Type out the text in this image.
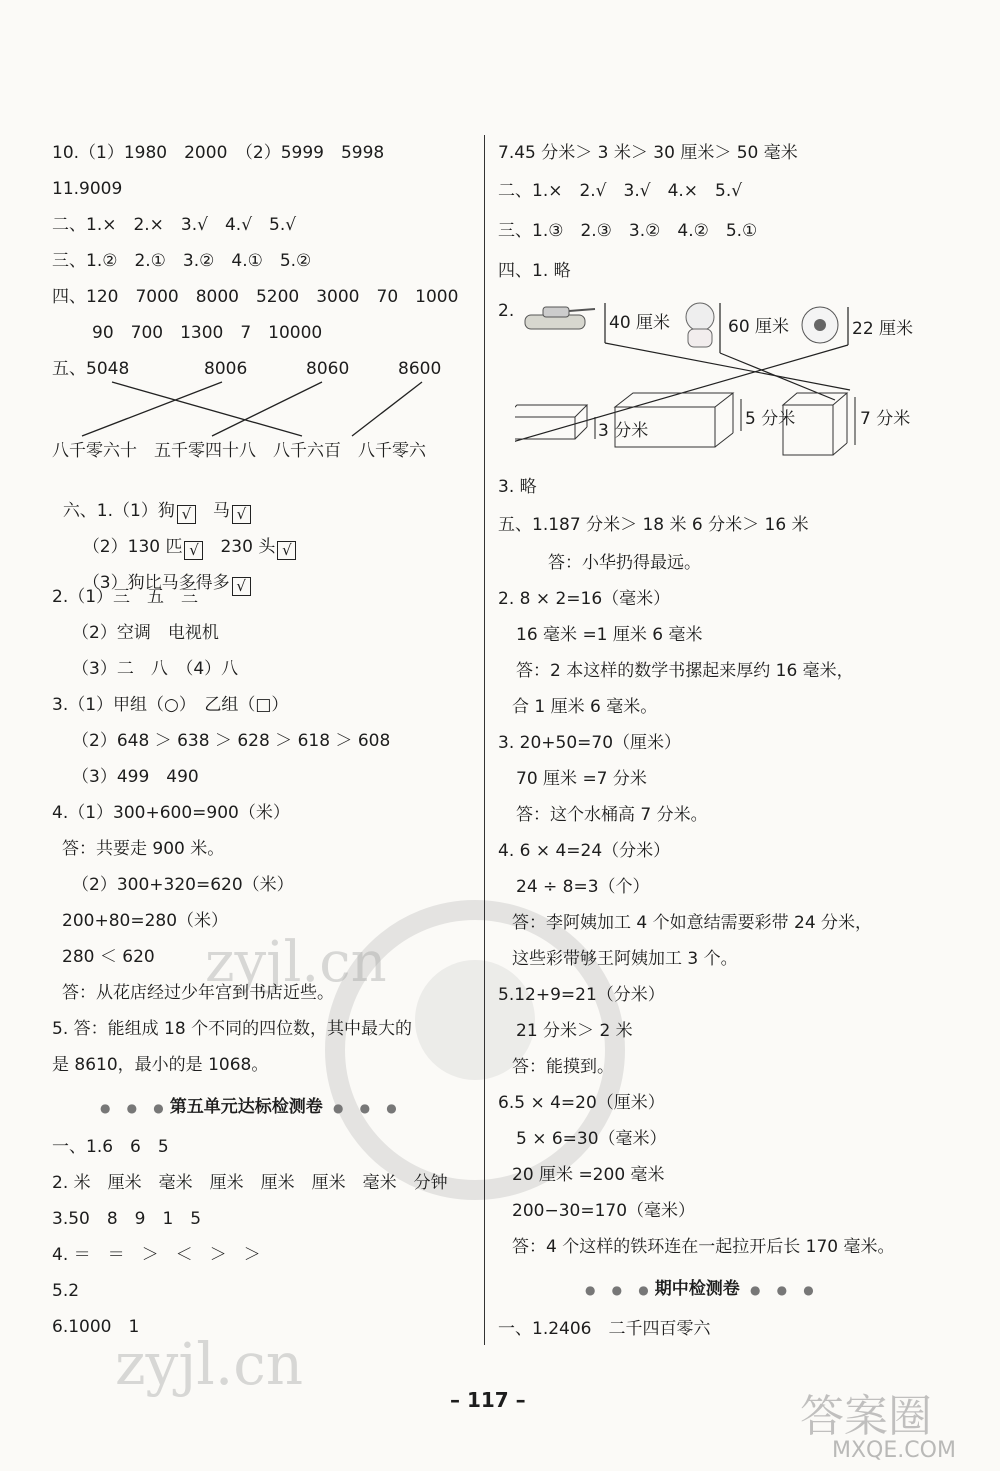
zyjl.cn
zyjl.cn
答案圈
MXQE.COM
10.（1）1980　2000　（2）5999　5998
11.9009
二、1.×　2.×　3.√　4.√　5.√
三、1.②　2.①　3.②　4.①　5.②
四、120　7000　8000　5200　3000　70　1000
90　700　1300　7　10000
五、5048	8006	8060	8600
八千零六十　五千零四十八　八千六百　八千零六

六、1.（1）狗 √　 马 √

（2）130 匹 √　 230 头 √

（3）狗比马多得多 √

2.（1）三　五　三
（2）空调　电视机
（3）二　八　（4）八
3.（1）甲组（○）　乙组（□）
（2）648 ＞ 638 ＞ 628 ＞ 618 ＞ 608
（3）499　490
4.（1）300+600=900（米）
答：共要走 900 米。
（2）300+320=620（米）
200+80=280（米）
280 ＜ 620
答：从花店经过少年宫到书店近些。
5. 答：能组成 18 个不同的四位数，其中最大的
是 8610，最小的是 1068。
● ● ●第五单元达标检测卷 ● ● ●
一、1.6　6　5
2. 米　厘米　毫米　厘米　厘米　厘米　毫米　分钟
3.50　8　9　1　5
4. ＝　＝　＞　＜　＞　＞
5.2
6.1000　1
7.45 分米＞ 3 米＞ 30 厘米＞ 50 毫米
二、1.×　2.√　3.√　4.×　5.√
三、1.③　2.③　3.②　4.②　5.①
四、1. 略
2.
40 厘米	60 厘米	22 厘米
3 分米
5 分米	7 分米
3. 略
五、1.187 分米＞ 18 米 6 分米＞ 16 米
答：小华扔得最远。
2. 8 × 2=16（毫米）
16 毫米 =1 厘米 6 毫米
答：2 本这样的数学书摞起来厚约 16 毫米，
合 1 厘米 6 毫米。
3. 20+50=70（厘米）
70 厘米 =7 分米
答：这个水桶高 7 分米。
4. 6 × 4=24（分米）
24 ÷ 8=3（个）
答：李阿姨加工 4 个如意结需要彩带 24 分米，
这些彩带够王阿姨加工 3 个。
5.12+9=21（分米）
21 分米＞ 2 米
答：能摸到。
6.5 × 4=20（厘米）
5 × 6=30（毫米）
20 厘米 =200 毫米
200−30=170（毫米）
答：4 个这样的铁环连在一起拉开后长 170 毫米。
● ● ●期中检测卷 ● ● ●
一、1.2406　二千四百零六
– 117 –
